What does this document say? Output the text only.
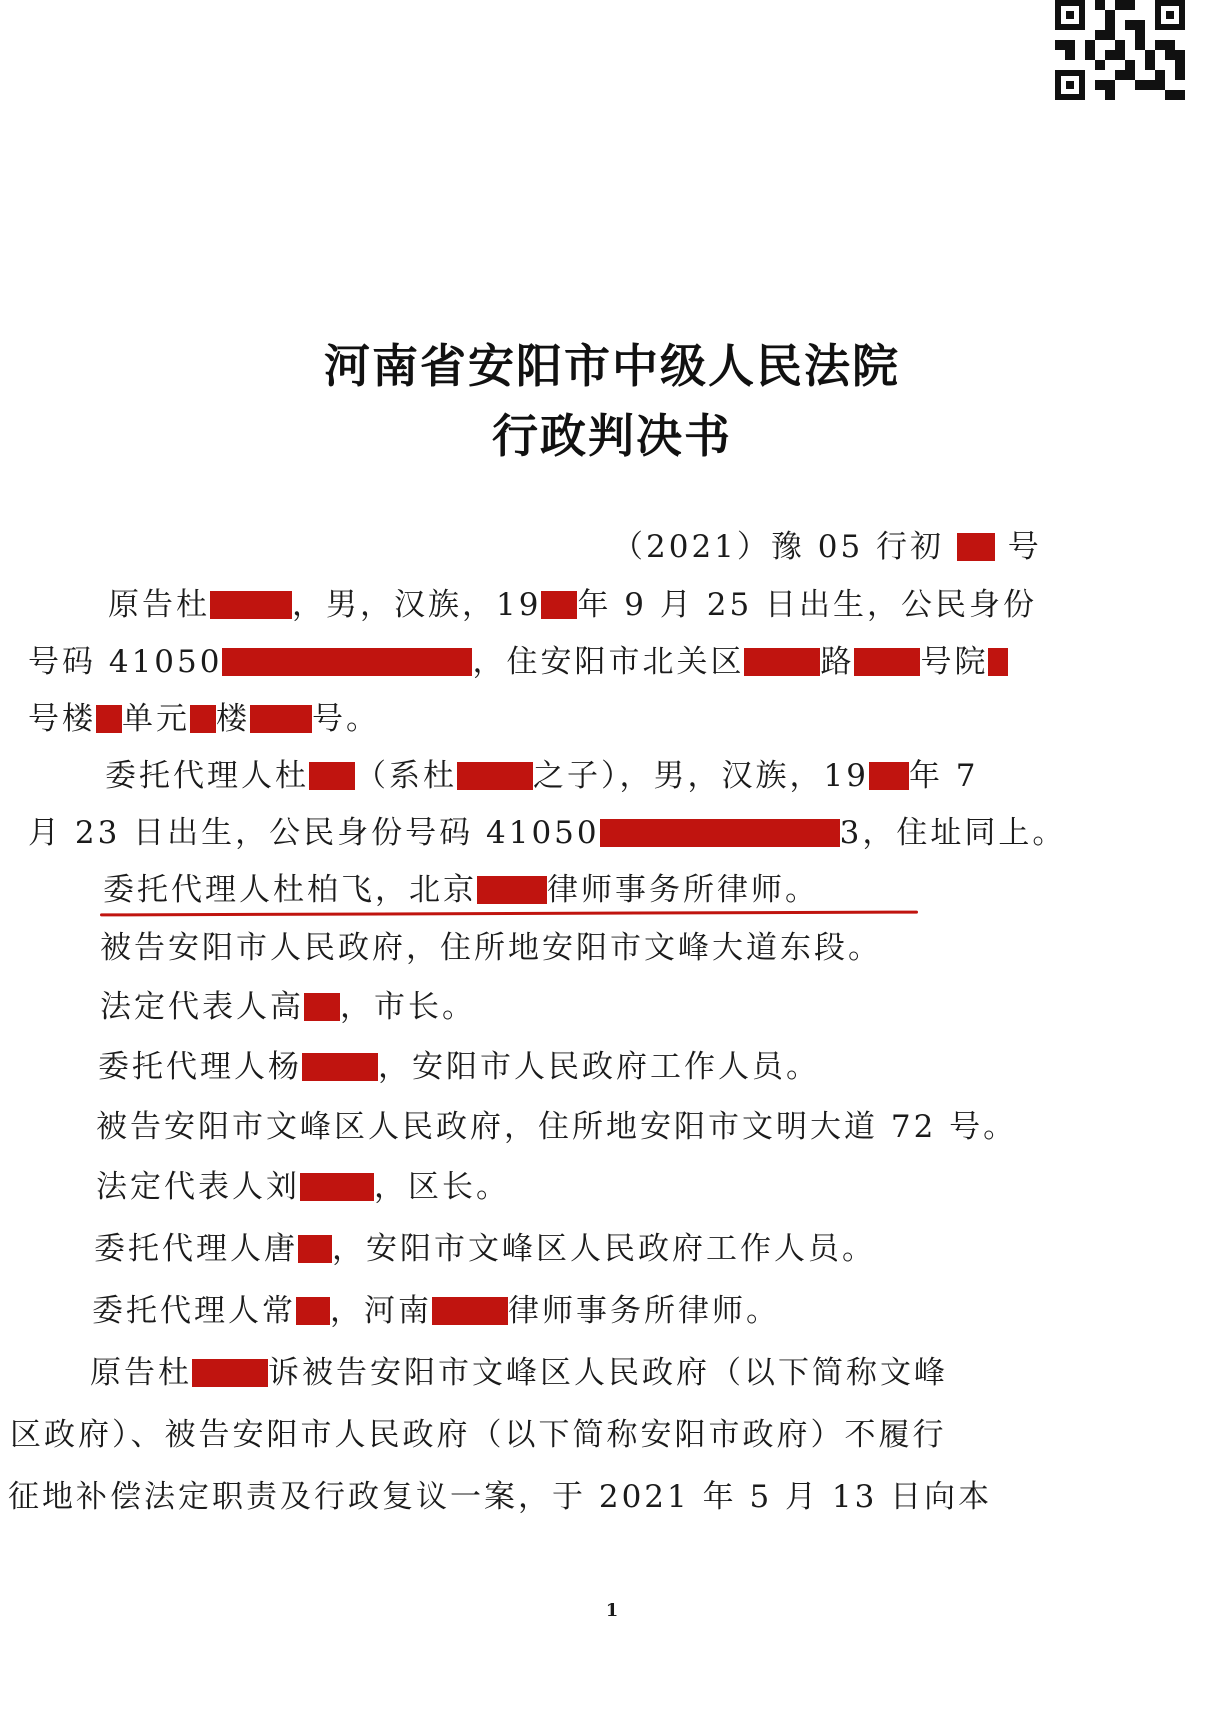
河南省安阳市中级人民法院
行政判决书
（2021）豫 05 行初 号
原告杜	，男，汉族，19 年 9 月 25 日出生，公民身份
号码 41050	，住安阳市北关区 路 号院
号楼 单元 楼 号。
委托代理人杜 （系杜 之子），男，汉族，19 年 7
月 23 日出生，公民身份号码 41050	3，住址同上。
委托代理人杜柏飞，北京 律师事务所律师。
被告安阳市人民政府，住所地安阳市文峰大道东段。
法定代表人高 ，市长。
委托代理人杨 ，安阳市人民政府工作人员。
被告安阳市文峰区人民政府，住所地安阳市文明大道 72 号。
法定代表人刘 ，区长。
委托代理人唐 ，安阳市文峰区人民政府工作人员。
委托代理人常 ，河南 律师事务所律师。
原告杜 诉被告安阳市文峰区人民政府（以下简称文峰
区政府）、被告安阳市人民政府（以下简称安阳市政府）不履行
征地补偿法定职责及行政复议一案，于 2021 年 5 月 13 日向本
1
